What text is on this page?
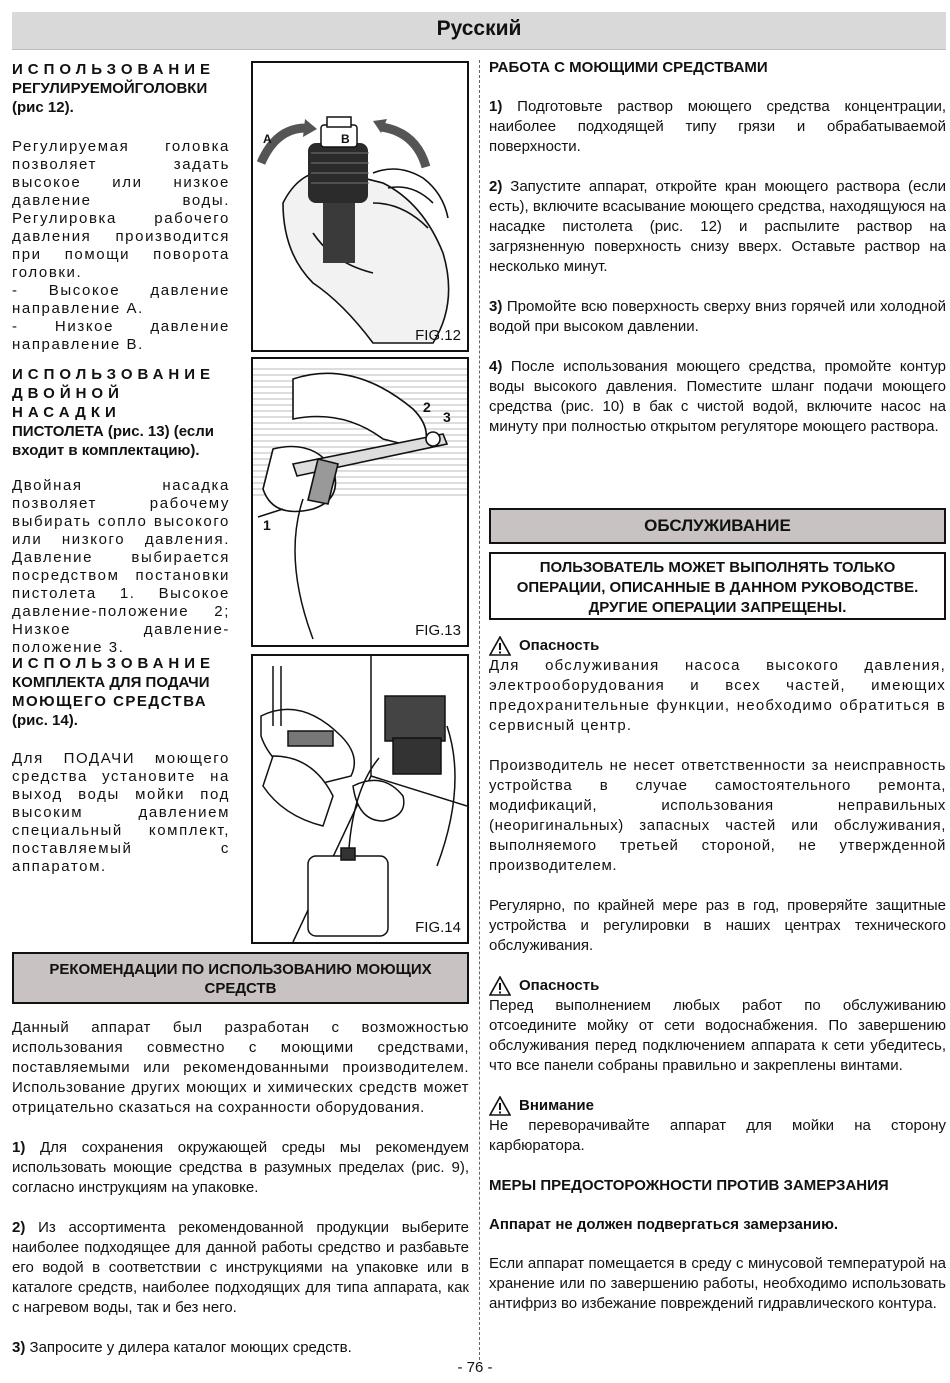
Русский
ИСПОЛЬЗОВАНИЕ
РЕГУЛИРУЕМОЙГОЛОВКИ
(рис 12).
Регулируемая головка позволяет задать высокое или низкое давление воды. Регулировка рабочего давления производится при помощи поворота головки.
- Высокое давление направление А.
- Низкое давление направление В.
A	B
FIG.12
ИСПОЛЬЗОВАНИЕ
ДВОЙНОЙ НАСАДКИ
ПИСТОЛЕТА (рис. 13) (если входит в комплектацию).
Двойная насадка позволяет рабочему выбирать сопло высокого или низкого давления. Давление выбирается посредством постановки пистолета 1. Высокое давление-положение 2; Низкое давление- положение 3.
1
2
3
FIG.13
ИСПОЛЬЗОВАНИЕ
КОМПЛЕКТА ДЛЯ ПОДАЧИ
МОЮЩЕГО СРЕДСТВА
(рис. 14).
Для ПОДАЧИ моющего средства установите на выход воды мойки под высоким давлением специальный комплект, поставляемый с аппаратом.
FIG.14
РЕКОМЕНДАЦИИ ПО ИСПОЛЬЗОВАНИЮ МОЮЩИХ СРЕДСТВ
Данный аппарат был разработан с возможностью использования совместно с моющими средствами, поставляемыми или рекомендованными производителем. Использование других моющих и химических средств может отрицательно сказаться на сохранности оборудования.
1) Для сохранения окружающей среды мы рекомендуем использовать моющие средства в разумных пределах (рис. 9), согласно инструкциям на упаковке.
2) Из ассортимента рекомендованной продукции выберите наиболее подходящее для данной работы средство и разбавьте его водой в соответствии с инструкциями на упаковке или в каталоге средств, наиболее подходящих для типа аппарата, как с нагревом воды, так и без него.
3) Запросите у дилера каталог моющих средств.
РАБОТА С МОЮЩИМИ СРЕДСТВАМИ
1) Подготовьте раствор моющего средства концентрации, наиболее подходящей типу грязи и обрабатываемой поверхности.
2) Запустите аппарат, откройте кран моющего раствора (если есть), включите всасывание моющего средства, находящуюся на насадке пистолета (рис. 12) и распылите раствор на загрязненную поверхность снизу вверх. Оставьте раствор на несколько минут.
3) Промойте всю поверхность сверху вниз горячей или холодной водой при высоком давлении.
4) После использования моющего средства, промойте контур воды высокого давления. Поместите шланг подачи моющего средства (рис. 10) в бак с чистой водой, включите насос на минуту при полностью открытом регуляторе моющего раствора.
ОБСЛУЖИВАНИЕ
ПОЛЬЗОВАТЕЛЬ МОЖЕТ ВЫПОЛНЯТЬ ТОЛЬКО ОПЕРАЦИИ, ОПИСАННЫЕ В ДАННОМ РУКОВОДСТВЕ. ДРУГИЕ ОПЕРАЦИИ ЗАПРЕЩЕНЫ.
Опасность
Для обслуживания насоса высокого давления, электрооборудования и всех частей, имеющих предохранительные функции, необходимо обратиться в сервисный центр.
Производитель не несет ответственности за неисправность устройства в случае самостоятельного ремонта, модификаций, использования неправильных (неоригинальных) запасных частей или обслуживания, выполняемого третьей стороной, не утвержденной производителем.
Регулярно, по крайней мере раз в год, проверяйте защитные устройства и регулировки в наших центрах технического обслуживания.
Опасность
Перед выполнением любых работ по обслуживанию отсоедините мойку от сети водоснабжения. По завершению обслуживания перед подключением аппарата к сети убедитесь, что все панели собраны правильно и закреплены винтами.
Внимание
Не переворачивайте аппарат для мойки на сторону карбюратора.
МЕРЫ ПРЕДОСТОРОЖНОСТИ ПРОТИВ ЗАМЕРЗАНИЯ
Аппарат не должен подвергаться замерзанию.
Если аппарат помещается в среду с минусовой температурой на хранение или по завершению работы, необходимо использовать антифриз во избежание повреждений гидравлического контура.
- 76 -
